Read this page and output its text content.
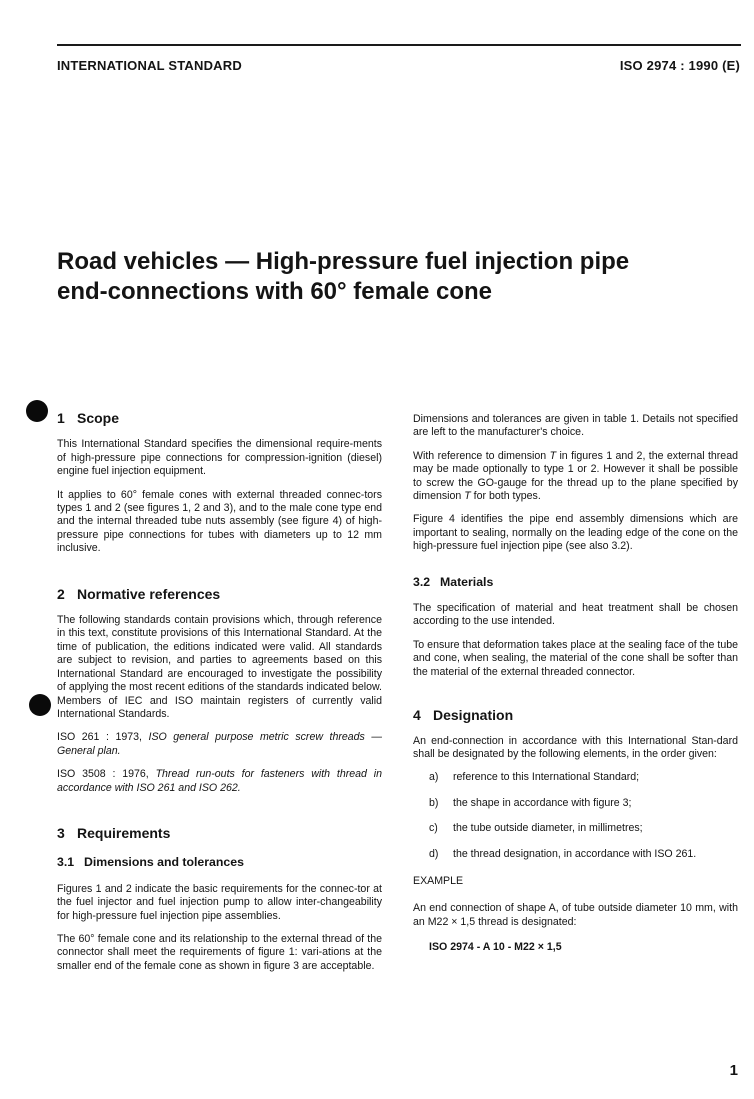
INTERNATIONAL STANDARD	ISO 2974 : 1990 (E)
Road vehicles — High-pressure fuel injection pipe
end-connections with 60° female cone
1 Scope

This International Standard specifies the dimensional require-ments of high-pressure pipe connections for compression-ignition (diesel) engine fuel injection equipment.

It applies to 60° female cones with external threaded connec-tors types 1 and 2 (see figures 1, 2 and 3), and to the male cone type end and the internal threaded tube nuts assembly (see figure 4) of high-pressure pipe connections for tubes with diameters up to 12 mm inclusive.

2 Normative references

The following standards contain provisions which, through reference in this text, constitute provisions of this International Standard. At the time of publication, the editions indicated were valid. All standards are subject to revision, and parties to agreements based on this International Standard are encouraged to investigate the possibility of applying the most recent editions of the standards indicated below. Members of IEC and ISO maintain registers of currently valid International Standards.

ISO 261 : 1973, ISO general purpose metric screw threads — General plan.

ISO 3508 : 1976, Thread run-outs for fasteners with thread in accordance with ISO 261 and ISO 262.

3 Requirements
3.1 Dimensions and tolerances

Figures 1 and 2 indicate the basic requirements for the connec-tor at the fuel injector and fuel injection pump to allow inter-changeability for high-pressure fuel injection pipe assemblies.

The 60° female cone and its relationship to the external thread of the connector shall meet the requirements of figure 1: vari-ations at the smaller end of the female cone as shown in figure 3 are acceptable.

Dimensions and tolerances are given in table 1. Details not specified are left to the manufacturer's choice.

With reference to dimension T in figures 1 and 2, the external thread may be made optionally to type 1 or 2. However it shall be possible to screw the GO-gauge for the thread up to the plane specified by dimension T for both types.

Figure 4 identifies the pipe end assembly dimensions which are important to sealing, normally on the leading edge of the cone on the high-pressure fuel injection pipe (see also 3.2).

3.2 Materials

The specification of material and heat treatment shall be chosen according to the use intended.

To ensure that deformation takes place at the sealing face of the tube and cone, when sealing, the material of the cone shall be softer than the material of the external threaded connector.

4 Designation

An end-connection in accordance with this International Stan-dard shall be designated by the following elements, in the order given:

a) reference to this International Standard;
b) the shape in accordance with figure 3;
c) the tube outside diameter, in millimetres;
d) the thread designation, in accordance with ISO 261.

EXAMPLE

An end connection of shape A, of tube outside diameter 10 mm, with an M22 × 1,5 thread is designated:

ISO 2974 - A 10 - M22 × 1,5

1
